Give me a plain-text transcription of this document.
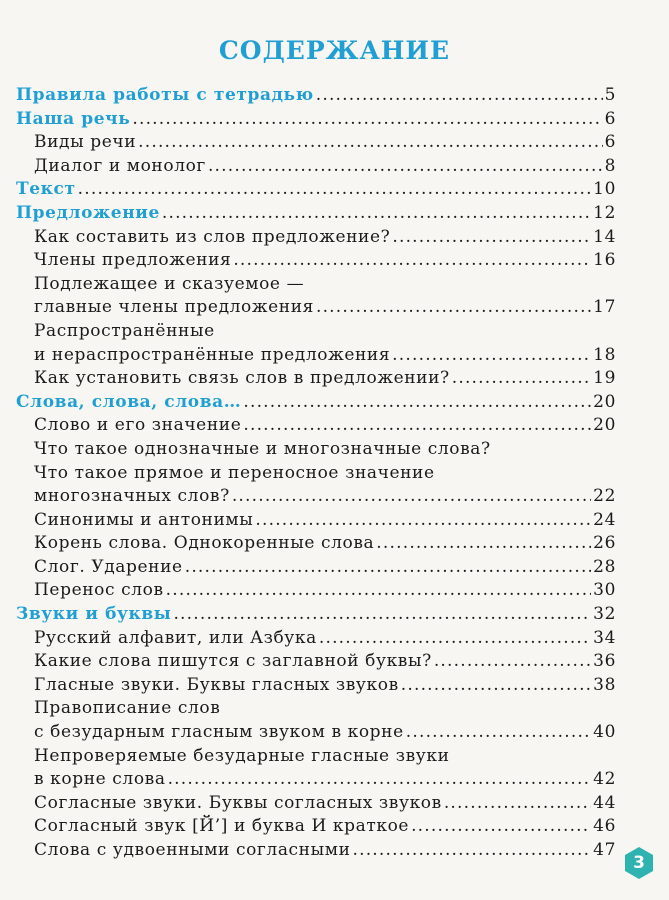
СОДЕРЖАНИЕ
Правила работы с тетрадью .....	5
Наша речь .....	6
Виды речи .....	6
Диалог и монолог .....	8
Текст .....	10
Предложение .....	12
Как составить из слов предложение? .....	14
Члены предложения .....	16
Подлежащее и сказуемое —
главные члены предложения .....	17
Распространённые
и нераспространённые предложения .....	18
Как установить связь слов в предложении? .....	19
Слова, слова, слова… .....	20
Слово и его значение .....	20
Что такое однозначные и многозначные слова?
Что такое прямое и переносное значение
многозначных слов? .....	22
Синонимы и антонимы .....	24
Корень слова. Однокоренные слова .....	26
Слог. Ударение .....	28
Перенос слов .....	30
Звуки и буквы .....	32
Русский алфавит, или Азбука .....	34
Какие слова пишутся с заглавной буквы? .....	36
Гласные звуки. Буквы гласных звуков .....	38
Правописание слов
с безударным гласным звуком в корне .....	40
Непроверяемые безударные гласные звуки
в корне слова .....	42
Согласные звуки. Буквы согласных звуков .....	44
Согласный звук [Й’] и буква И краткое .....	46
Слова с удвоенными согласными .....	47
3
